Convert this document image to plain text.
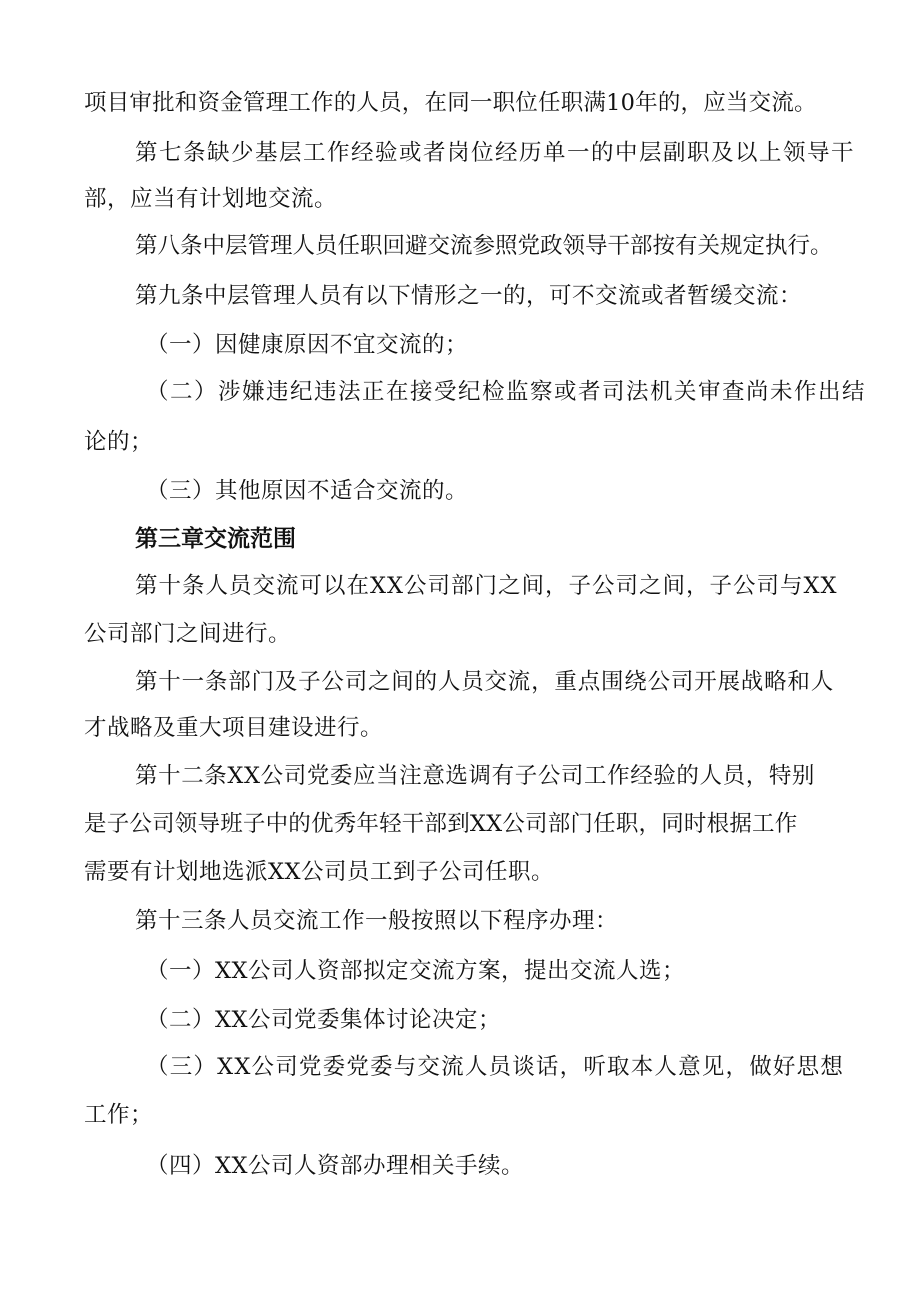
项目审批和资金管理工作的人员，在同一职位任职满10年的，应当交流。
第七条缺少基层工作经验或者岗位经历单一的中层副职及以上领导干
部，应当有计划地交流。
第八条中层管理人员任职回避交流参照党政领导干部按有关规定执行。
第九条中层管理人员有以下情形之一的，可不交流或者暂缓交流：
（一）因健康原因不宜交流的；
（二）涉嫌违纪违法正在接受纪检监察或者司法机关审查尚未作出结
论的；
（三）其他原因不适合交流的。
第三章交流范围
第十条人员交流可以在XX公司部门之间，子公司之间，子公司与XX
公司部门之间进行。
第十一条部门及子公司之间的人员交流，重点围绕公司开展战略和人
才战略及重大项目建设进行。
第十二条XX公司党委应当注意选调有子公司工作经验的人员，特别
是子公司领导班子中的优秀年轻干部到XX公司部门任职，同时根据工作
需要有计划地选派XX公司员工到子公司任职。
第十三条人员交流工作一般按照以下程序办理：
（一）XX公司人资部拟定交流方案，提出交流人选；
（二）XX公司党委集体讨论决定；
（三）XX公司党委党委与交流人员谈话，听取本人意见，做好思想
工作；
（四）XX公司人资部办理相关手续。
